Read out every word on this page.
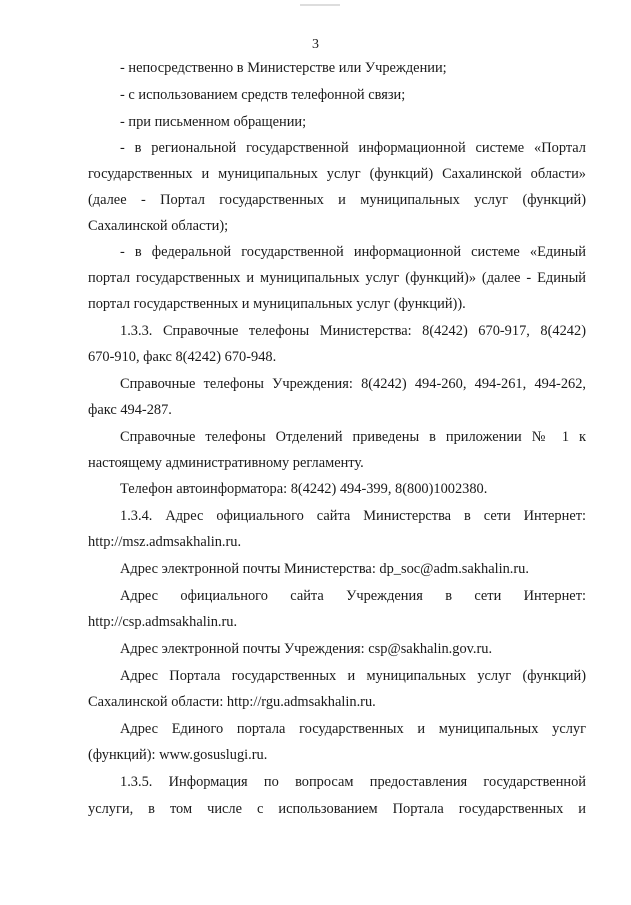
3
- непосредственно в Министерстве или Учреждении;
- с использованием средств телефонной связи;
- при письменном обращении;
- в региональной государственной информационной системе «Портал
государственных и муниципальных услуг (функций) Сахалинской области»
(далее - Портал государственных и муниципальных услуг (функций)
Сахалинской области);
- в федеральной государственной информационной системе «Единый
портал государственных и муниципальных услуг (функций)» (далее - Единый
портал государственных и муниципальных услуг (функций)).
1.3.3. Справочные телефоны Министерства: 8(4242) 670-917, 8(4242)
670-910, факс 8(4242) 670-948.
Справочные телефоны Учреждения: 8(4242) 494-260, 494-261, 494-262,
факс 494-287.
Справочные телефоны Отделений приведены в приложении № 1 к
настоящему административному регламенту.
Телефон автоинформатора: 8(4242) 494-399, 8(800)1002380.
1.3.4. Адрес официального сайта Министерства в сети Интернет:
http://msz.admsakhalin.ru.
Адрес электронной почты Министерства: dp_soc@adm.sakhalin.ru.
Адрес официального сайта Учреждения в сети Интернет:
http://csp.admsakhalin.ru.
Адрес электронной почты Учреждения: csp@sakhalin.gov.ru.
Адрес Портала государственных и муниципальных услуг (функций)
Сахалинской области: http://rgu.admsakhalin.ru.
Адрес Единого портала государственных и муниципальных услуг
(функций): www.gosuslugi.ru.
1.3.5. Информация по вопросам предоставления государственной
услуги, в том числе с использованием Портала государственных и
